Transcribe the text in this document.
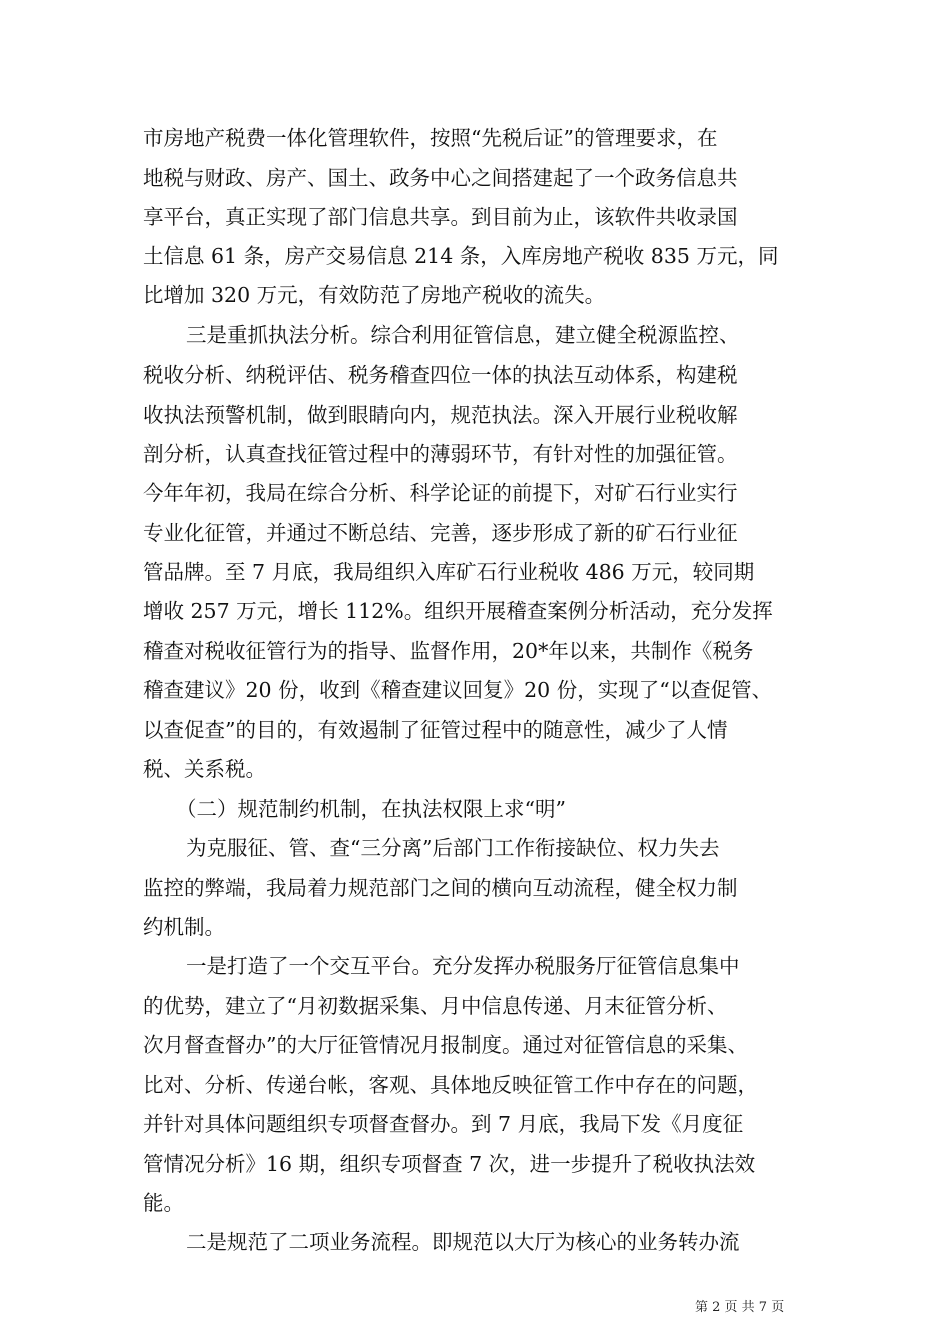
市房地产税费一体化管理软件，按照“先税后证”的管理要求，在
地税与财政、房产、国土、政务中心之间搭建起了一个政务信息共
享平台，真正实现了部门信息共享。到目前为止，该软件共收录国
土信息 61 条，房产交易信息 214 条，入库房地产税收 835 万元，同
比增加 320 万元，有效防范了房地产税收的流失。
三是重抓执法分析。综合利用征管信息，建立健全税源监控、
税收分析、纳税评估、税务稽查四位一体的执法互动体系，构建税
收执法预警机制，做到眼睛向内，规范执法。深入开展行业税收解
剖分析，认真查找征管过程中的薄弱环节，有针对性的加强征管。
今年年初，我局在综合分析、科学论证的前提下，对矿石行业实行
专业化征管，并通过不断总结、完善，逐步形成了新的矿石行业征
管品牌。至 7 月底，我局组织入库矿石行业税收 486 万元，较同期
增收 257 万元，增长 112%。组织开展稽查案例分析活动，充分发挥
稽查对税收征管行为的指导、监督作用，20*年以来，共制作《税务
稽查建议》20 份，收到《稽查建议回复》20 份，实现了“以查促管、
以查促查”的目的，有效遏制了征管过程中的随意性，减少了人情
税、关系税。
（二）规范制约机制，在执法权限上求“明”
为克服征、管、查“三分离”后部门工作衔接缺位、权力失去
监控的弊端，我局着力规范部门之间的横向互动流程，健全权力制
约机制。
一是打造了一个交互平台。充分发挥办税服务厅征管信息集中
的优势，建立了“月初数据采集、月中信息传递、月末征管分析、
次月督查督办”的大厅征管情况月报制度。通过对征管信息的采集、
比对、分析、传递台帐，客观、具体地反映征管工作中存在的问题，
并针对具体问题组织专项督查督办。到 7 月底，我局下发《月度征
管情况分析》16 期，组织专项督查 7 次，进一步提升了税收执法效
能。
二是规范了二项业务流程。即规范以大厅为核心的业务转办流
第 2 页 共 7 页
